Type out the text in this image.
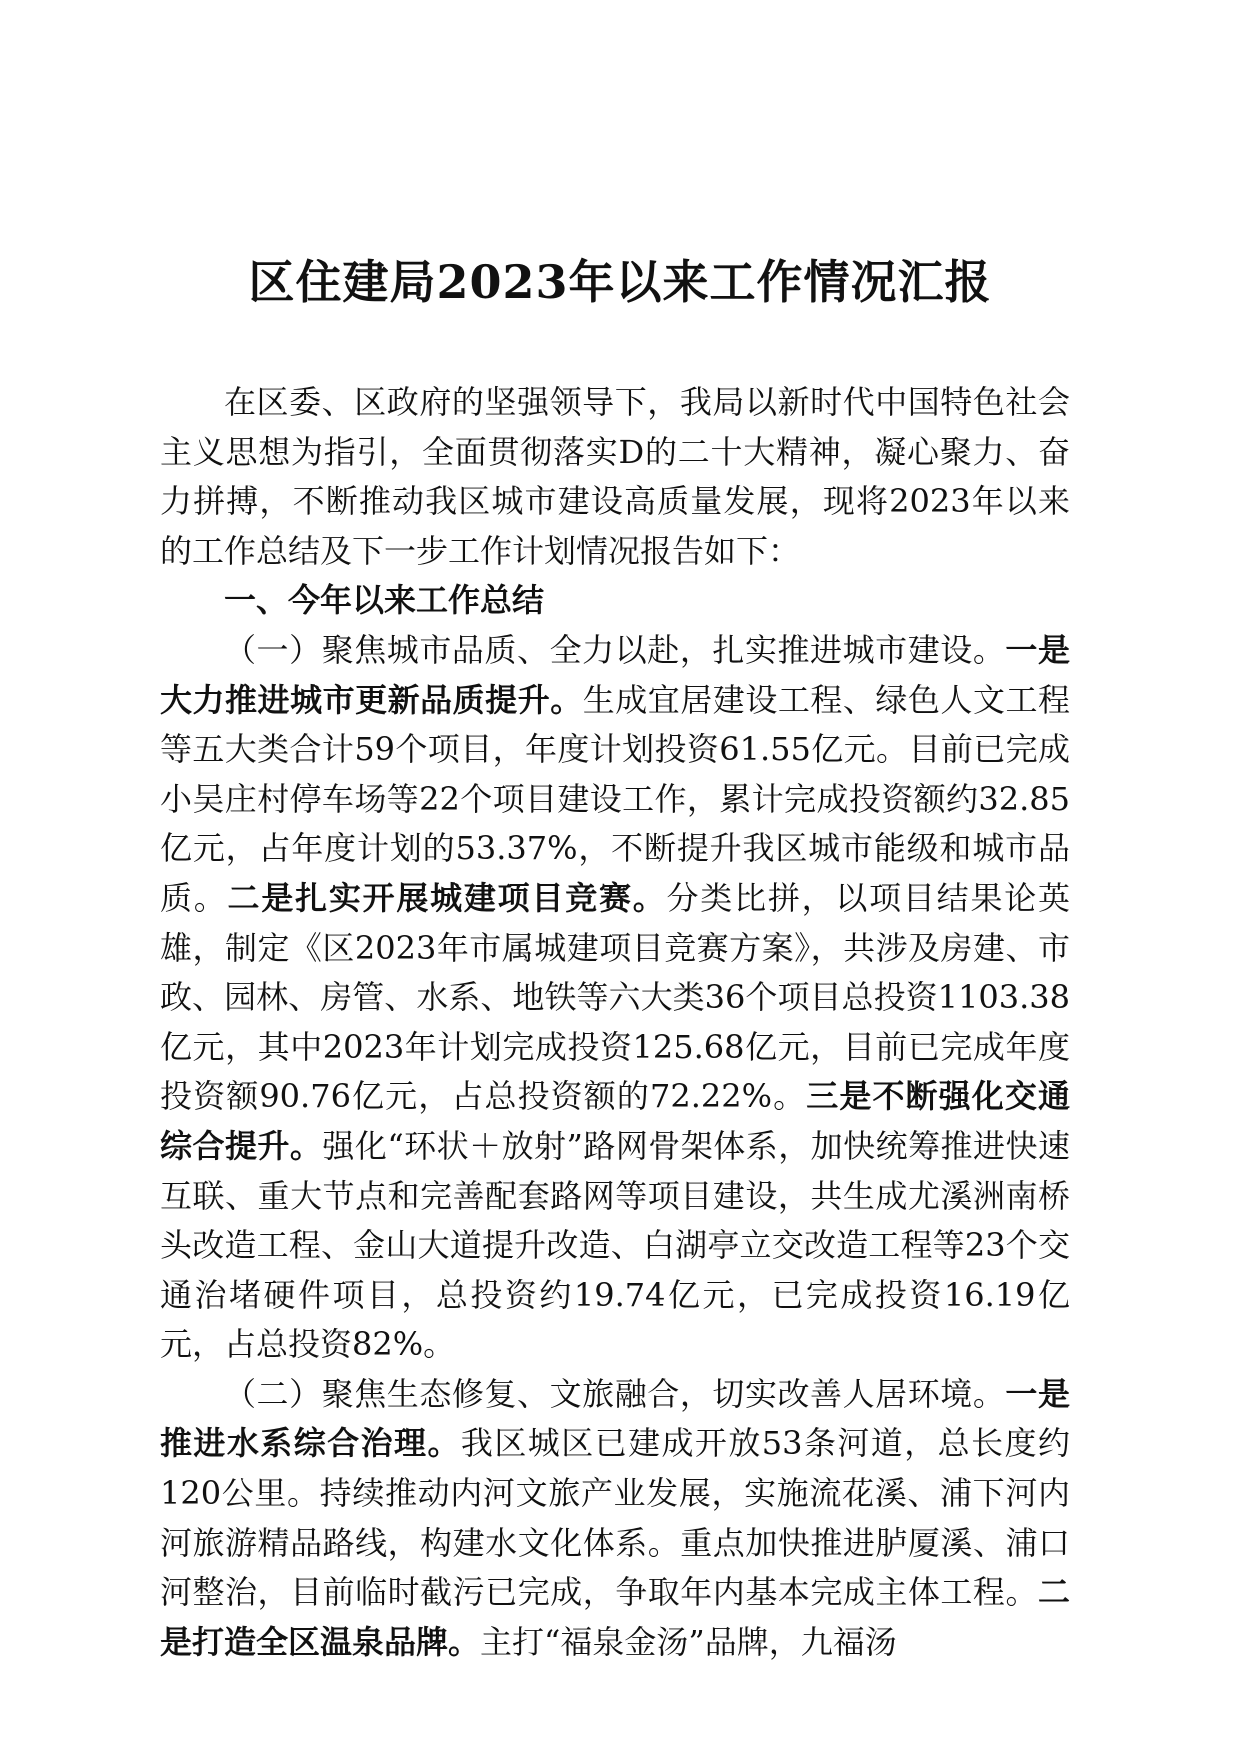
区住建局2023年以来工作情况汇报

在区委、区政府的坚强领导下，我局以新时代中国特色社会主义思想为指引，全面贯彻落实D的二十大精神，凝心聚力、奋力拼搏，不断推动我区城市建设高质量发展，现将2023年以来的工作总结及下一步工作计划情况报告如下：

一、今年以来工作总结

（一）聚焦城市品质、全力以赴，扎实推进城市建设。一是大力推进城市更新品质提升。生成宜居建设工程、绿色人文工程等五大类合计59个项目，年度计划投资61.55亿元。目前已完成小吴庄村停车场等22个项目建设工作，累计完成投资额约32.85亿元，占年度计划的53.37%，不断提升我区城市能级和城市品质。二是扎实开展城建项目竞赛。分类比拼，以项目结果论英雄，制定《区2023年市属城建项目竞赛方案》，共涉及房建、市政、园林、房管、水系、地铁等六大类36个项目总投资1103.38亿元，其中2023年计划完成投资125.68亿元，目前已完成年度投资额90.76亿元，占总投资额的72.22%。三是不断强化交通综合提升。强化“环状＋放射”路网骨架体系，加快统筹推进快速互联、重大节点和完善配套路网等项目建设，共生成尤溪洲南桥头改造工程、金山大道提升改造、白湖亭立交改造工程等23个交通治堵硬件项目，总投资约19.74亿元，已完成投资16.19亿元，占总投资82%。

（二）聚焦生态修复、文旅融合，切实改善人居环境。一是推进水系综合治理。我区城区已建成开放53条河道，总长度约120公里。持续推动内河文旅产业发展，实施流花溪、浦下河内河旅游精品路线，构建水文化体系。重点加快推进胪厦溪、浦口河整治，目前临时截污已完成，争取年内基本完成主体工程。二是打造全区温泉品牌。主打“福泉金汤”品牌，九福汤
